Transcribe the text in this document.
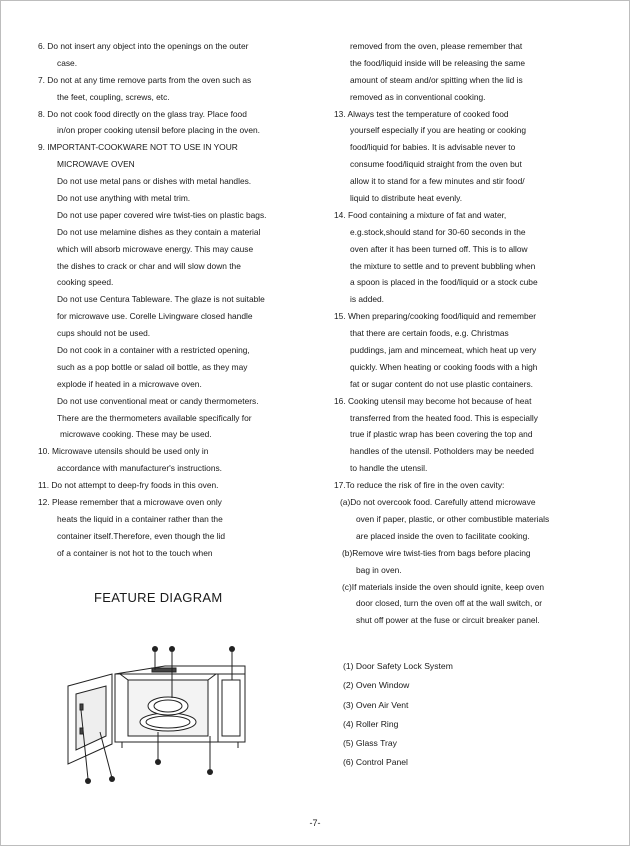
6. Do not insert any object into the openings on the outer

case.

7. Do not at any time remove parts from the oven such as

the feet, coupling, screws, etc.

8. Do not cook food directly on the glass tray. Place food

in/on proper cooking utensil before placing in the oven.

9. IMPORTANT-COOKWARE NOT TO USE IN YOUR

MICROWAVE OVEN

Do not use metal pans or dishes with metal handles.

Do not use anything with metal trim.

Do not use paper covered wire twist-ties on plastic bags.

Do not use melamine dishes as they contain a material

which will absorb microwave energy. This may cause

the dishes to crack or char and will slow down the

cooking speed.

Do not use Centura Tableware. The glaze is not suitable

for microwave use. Corelle Livingware closed handle

cups should not be used.

Do not cook in a container with a restricted opening,

such as a pop bottle or salad oil bottle, as they may

explode if heated in a microwave oven.

Do not use conventional meat or candy thermometers.

There are the thermometers available specifically for

microwave cooking. These may be used.

10. Microwave utensils should be used only in

accordance with manufacturer's instructions.

11. Do not attempt to deep-fry foods in this oven.

12. Please remember that a microwave oven only

heats the liquid in a container rather than the

container itself.Therefore, even though the lid

of a container is not hot to the touch when

removed from the oven, please remember that

the food/liquid inside will be releasing the same

amount of steam and/or spitting when the lid is

removed as in conventional cooking.

13. Always test the temperature of cooked food

yourself especially if you are heating or cooking

food/liquid for babies. It is advisable never to

consume food/liquid straight from the oven but

allow it to stand for a few minutes and stir food/

liquid to distribute heat evenly.

14. Food containing a mixture of fat and water,

e.g.stock,should stand for 30-60 seconds in the

oven after it has been turned off. This is to allow

the mixture to settle and to prevent bubbling when

a spoon is placed in the food/liquid or a stock cube

is added.

15. When preparing/cooking food/liquid and remember

that there are certain foods, e.g. Christmas

puddings, jam and mincemeat, which heat up very

quickly. When heating or cooking foods with a high

fat or sugar content do not use plastic containers.

16. Cooking utensil may become hot because of heat

transferred from the heated food. This is especially

true if plastic wrap has been covering the top and

handles of the utensil. Potholders may be needed

to handle the utensil.

17.To reduce the risk of fire in the oven cavity:

(a)Do not overcook food. Carefully attend microwave

oven if paper, plastic, or other combustible materials

are placed inside the oven to facilitate cooking.

(b)Remove wire twist-ties from bags before placing

bag in oven.

(c)If materials inside the oven should ignite, keep oven

door closed, turn the oven off at the wall switch, or

shut off power at the fuse or circuit breaker panel.

FEATURE DIAGRAM

(1) Door Safety Lock System

(2) Oven Window

(3) Oven Air Vent

(4) Roller Ring

(5) Glass Tray

(6) Control Panel

-7-
